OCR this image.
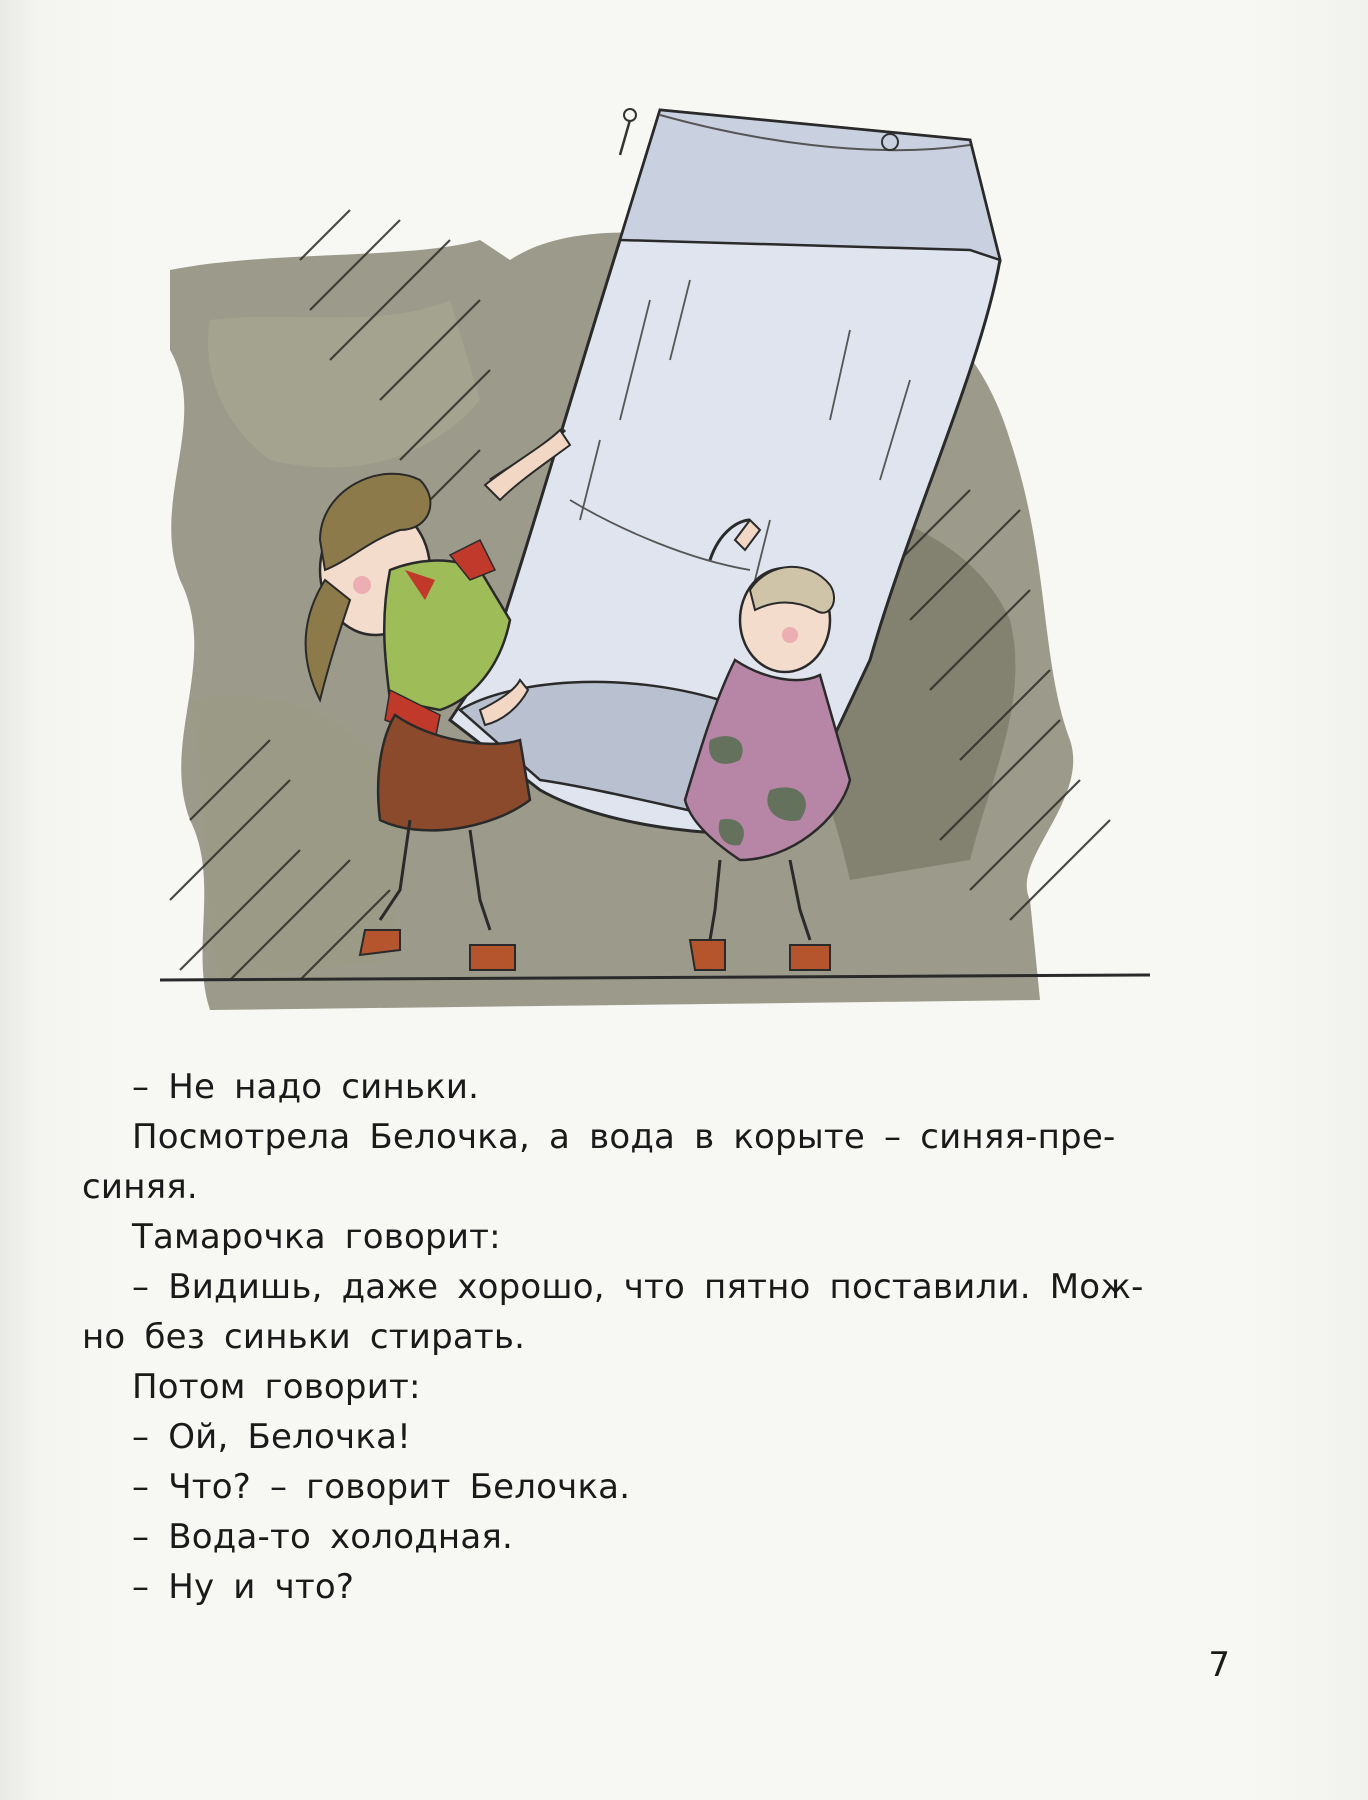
– Не надо синьки.
Посмотрела Белочка, а вода в корыте – синяя-пре-
синяя.
Тамарочка говорит:
– Видишь, даже хорошо, что пятно поставили. Мож-
но без синьки стирать.
Потом говорит:
– Ой, Белочка!
– Что? – говорит Белочка.
– Вода-то холодная.
– Ну и что?
7
